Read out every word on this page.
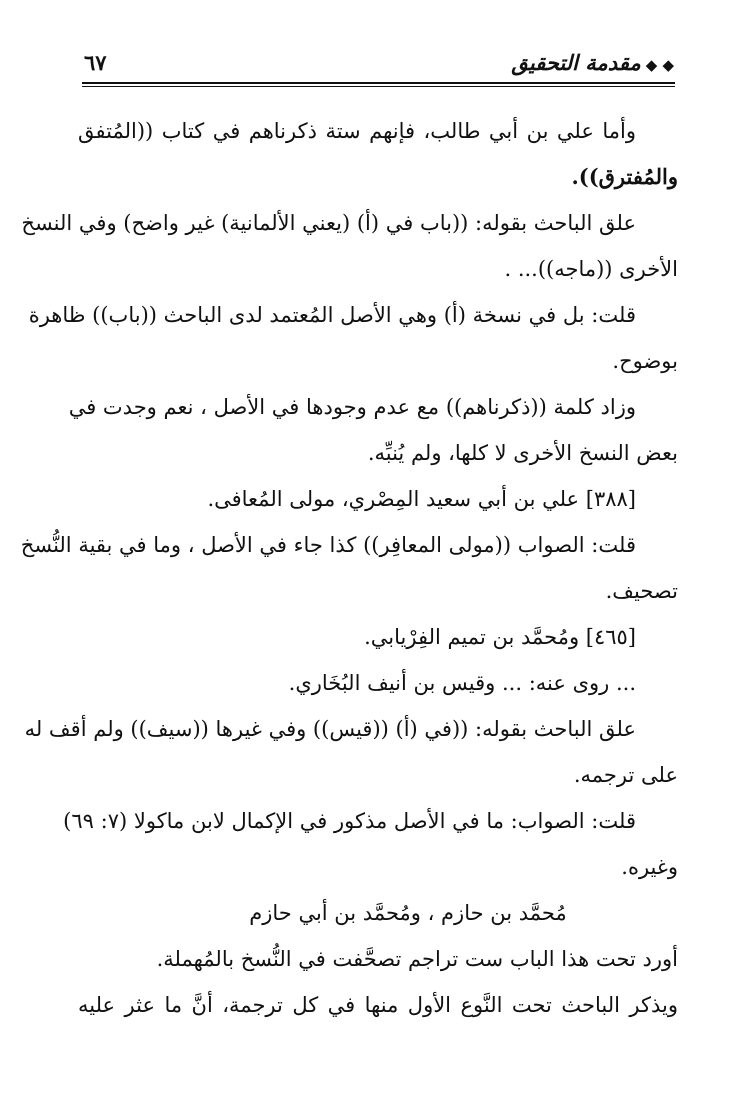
◆ ◆مقدمة التحقيق
٦٧
وأما علي بن أبي طالب، فإنهم ستة ذكرناهم في كتاب ((المُتفق
والمُفترق)).
علق الباحث بقوله: ((باب في (أ) (يعني الألمانية) غير واضح) وفي النسخ
الأخرى ((ماجه))... .
قلت: بل في نسخة (أ) وهي الأصل المُعتمد لدى الباحث ((باب)) ظاهرة
بوضوح.
وزاد كلمة ((ذكرناهم)) مع عدم وجودها في الأصل ، نعم وجدت في
بعض النسخ الأخرى لا كلها، ولم يُنبِّه.
[٣٨٨] علي بن أبي سعيد المِصْري، مولى المُعافى.
قلت: الصواب ((مولى المعافِر)) كذا جاء في الأصل ، وما في بقية النُّسخ
تصحيف.
[٤٦٥] ومُحمَّد بن تميم الفِرْيابي.
... روى عنه: ... وقيس بن أنيف البُخَاري.
علق الباحث بقوله: ((في (أ) ((قيس)) وفي غيرها ((سيف)) ولم أقف له
على ترجمه.
قلت: الصواب: ما في الأصل مذكور في الإكمال لابن ماكولا (٧: ٦٩)
وغيره.
مُحمَّد بن حازم ، ومُحمَّد بن أبي حازم
أورد تحت هذا الباب ست تراجم تصحَّفت في النُّسخ بالمُهملة.
ويذكر الباحث تحت النَّوع الأول منها في كل ترجمة، أنَّ ما عثر عليه
